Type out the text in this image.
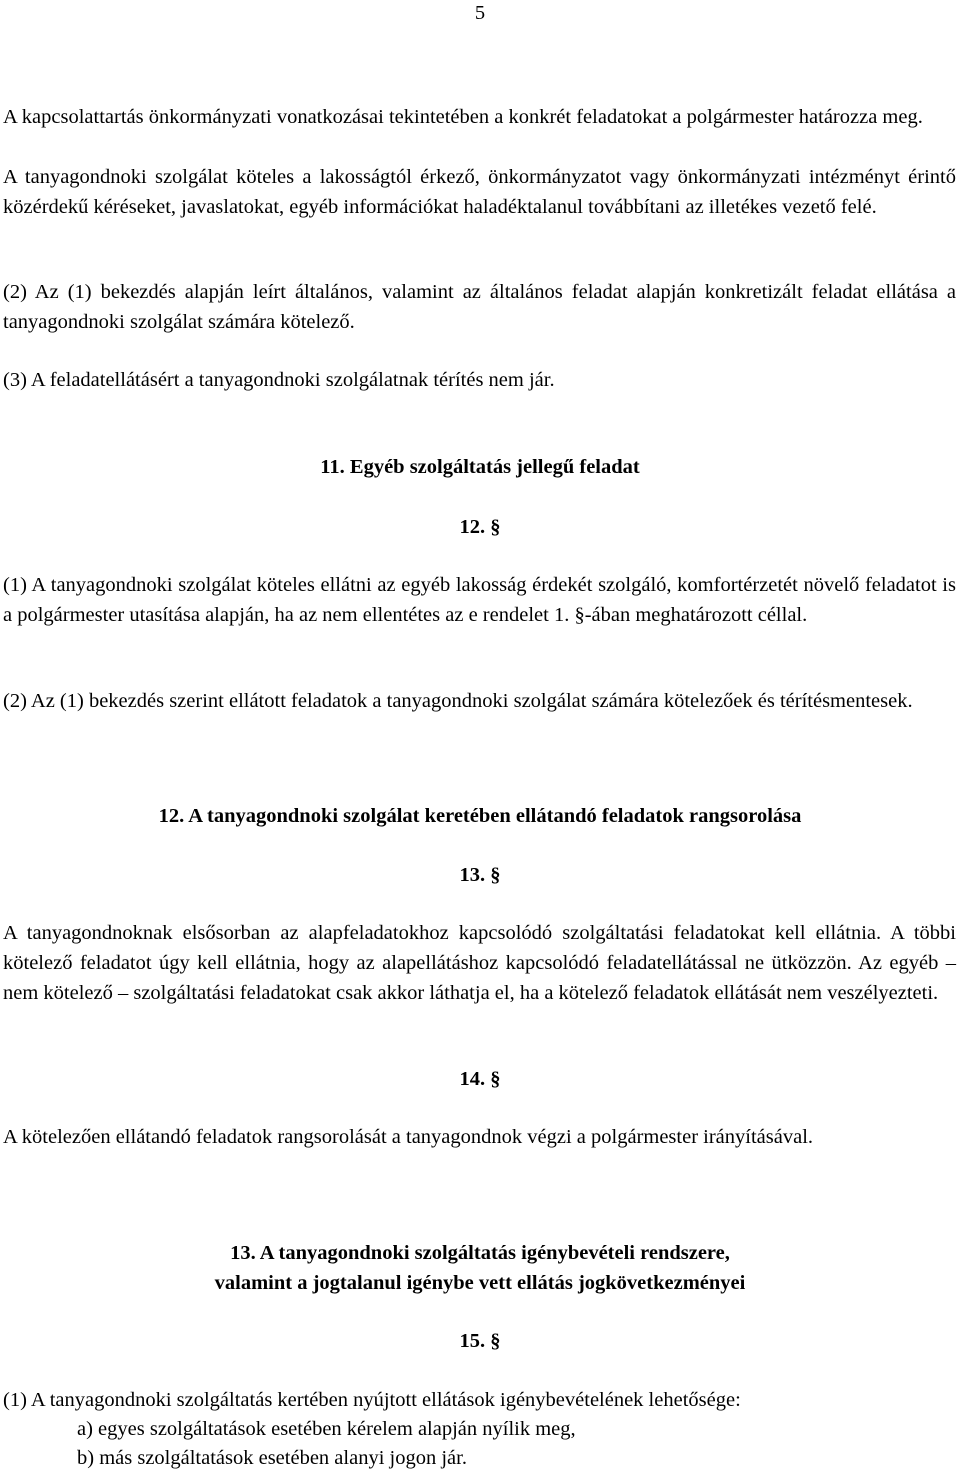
5

A kapcsolattartás önkormányzati vonatkozásai tekintetében a konkrét feladatokat a polgármester határozza meg.

A tanyagondnoki szolgálat köteles a lakosságtól érkező, önkormányzatot vagy önkormányzati intézményt érintő közérdekű kéréseket, javaslatokat, egyéb információkat haladéktalanul továbbítani az illetékes vezető felé.

(2) Az (1) bekezdés alapján leírt általános, valamint az általános feladat alapján konkretizált feladat ellátása a tanyagondnoki szolgálat számára kötelező.

(3) A feladatellátásért a tanyagondnoki szolgálatnak térítés nem jár.

11. Egyéb szolgáltatás jellegű feladat
12. §

(1) A tanyagondnoki szolgálat köteles ellátni az egyéb lakosság érdekét szolgáló, komfortérzetét növelő feladatot is a polgármester utasítása alapján, ha az nem ellentétes az e rendelet 1. §-ában meghatározott céllal.

(2) Az (1) bekezdés szerint ellátott feladatok a tanyagondnoki szolgálat számára kötelezőek és térítésmentesek.

12. A tanyagondnoki szolgálat keretében ellátandó feladatok rangsorolása
13. §

A tanyagondnoknak elsősorban az alapfeladatokhoz kapcsolódó szolgáltatási feladatokat kell ellátnia. A többi kötelező feladatot úgy kell ellátnia, hogy az alapellátáshoz kapcsolódó feladatellátással ne ütközzön. Az egyéb – nem kötelező – szolgáltatási feladatokat csak akkor láthatja el, ha a kötelező feladatok ellátását nem veszélyezteti.

14. §

A kötelezően ellátandó feladatok rangsorolását a tanyagondnok végzi a polgármester irányításával.

13. A tanyagondnoki szolgáltatás igénybevételi rendszere,
valamint a jogtalanul igénybe vett ellátás jogkövetkezményei
15. §

(1) A tanyagondnoki szolgáltatás kertében nyújtott ellátások igénybevételének lehetősége:

a) egyes szolgáltatások esetében kérelem alapján nyílik meg,

b) más szolgáltatások esetében alanyi jogon jár.
